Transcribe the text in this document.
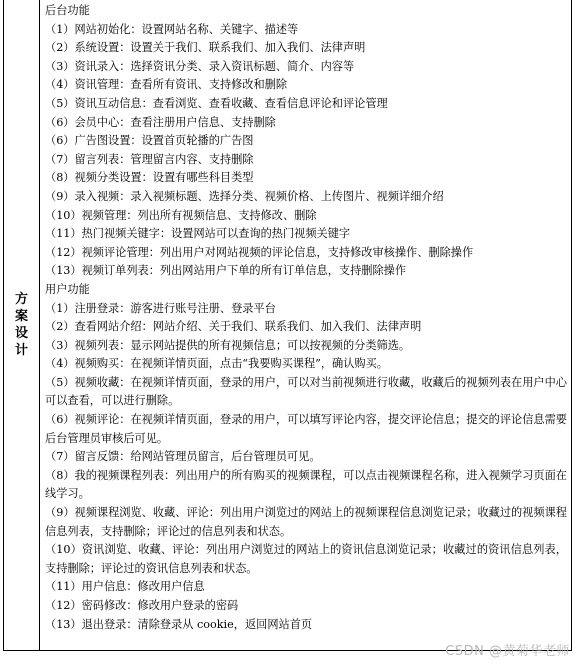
方案设计
后台功能
（1）网站初始化：设置网站名称、关键字、描述等
（2）系统设置：设置关于我们、联系我们、加入我们、法律声明
（3）资讯录入：选择资讯分类、录入资讯标题、简介、内容等
（4）资讯管理：查看所有资讯、支持修改和删除
（5）资讯互动信息：查看浏览、查看收藏、查看信息评论和评论管理
（6）会员中心：查看注册用户信息、支持删除
（6）广告图设置：设置首页轮播的广告图
（7）留言列表：管理留言内容、支持删除
（8）视频分类设置：设置有哪些科目类型
（9）录入视频：录入视频标题、选择分类、视频价格、上传图片、视频详细介绍
（10）视频管理：列出所有视频信息、支持修改、删除
（11）热门视频关键字：设置网站可以查询的热门视频关键字
（12）视频评论管理：列出用户对网站视频的评论信息，支持修改审核操作、删除操作
（13）视频订单列表：列出网站用户下单的所有订单信息，支持删除操作
用户功能
（1）注册登录：游客进行账号注册、登录平台
（2）查看网站介绍：网站介绍、关于我们、联系我们、加入我们、法律声明
（3）视频列表：显示网站提供的所有视频信息；可以按视频的分类筛选。
（4）视频购买：在视频详情页面，点击“我要购买课程”，确认购买。
（5）视频收藏：在视频详情页面，登录的用户，可以对当前视频进行收藏，收藏后的视频列表在用户中心可以查看，可以进行删除。
（6）视频评论：在视频详情页面，登录的用户，可以填写评论内容，提交评论信息；提交的评论信息需要后台管理员审核后可见。
（7）留言反馈：给网站管理员留言，后台管理员可见。
（8）我的视频课程列表：列出用户的所有购买的视频课程，可以点击视频课程名称，进入视频学习页面在线学习。
（9）视频课程浏览、收藏、评论：列出用户浏览过的网站上的视频课程信息浏览记录；收藏过的视频课程信息列表，支持删除；评论过的信息列表和状态。
（10）资讯浏览、收藏、评论：列出用户浏览过的网站上的资讯信息浏览记录；收藏过的资讯信息列表，支持删除；评论过的资讯信息列表和状态。
（11）用户信息：修改用户信息
（12）密码修改：修改用户登录的密码
（13）退出登录：清除登录从 cookie，返回网站首页
CSDN @黄菊华老师
